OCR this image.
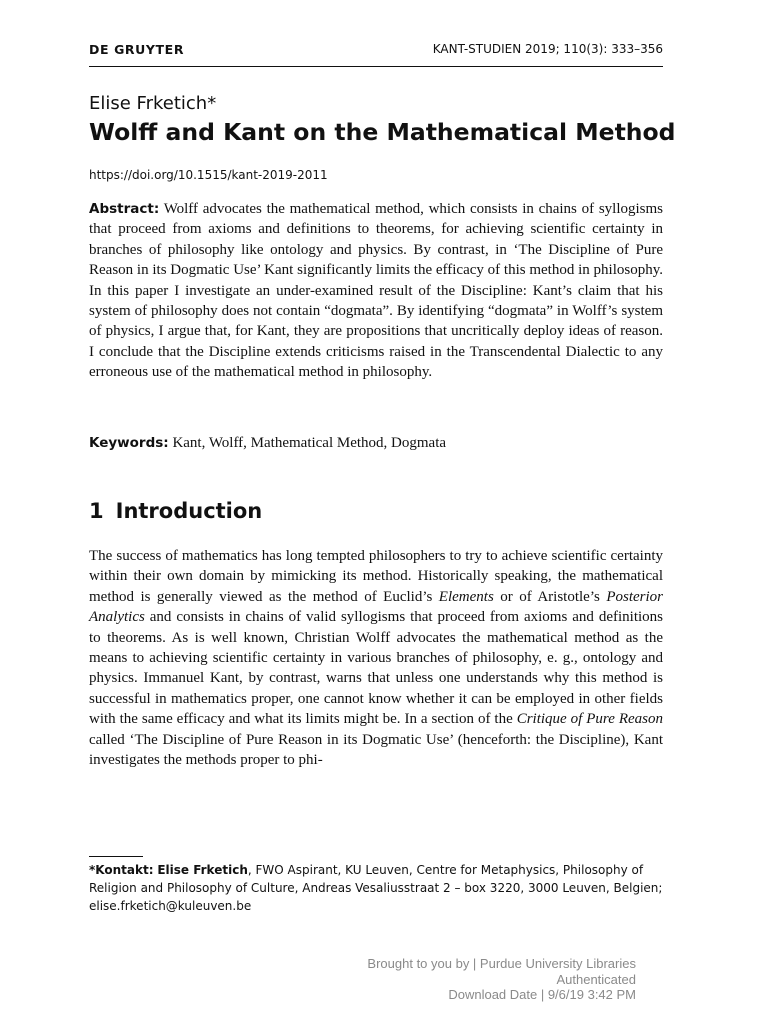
DE GRUYTER	KANT-STUDIEN 2019; 110(3): 333–356
Elise Frketich*
Wolff and Kant on the Mathematical Method
https://doi.org/10.1515/kant-2019-2011

Abstract: Wolff advocates the mathematical method, which consists in chains of syllogisms that proceed from axioms and definitions to theorems, for achieving scientific certainty in branches of philosophy like ontology and physics. By contrast, in ‘The Discipline of Pure Reason in its Dogmatic Use’ Kant significantly limits the efficacy of this method in philosophy. In this paper I investigate an under-examined result of the Discipline: Kant’s claim that his system of philosophy does not contain “dogmata”. By identifying “dogmata” in Wolff’s system of physics, I argue that, for Kant, they are propositions that uncritically deploy ideas of reason. I conclude that the Discipline extends criticisms raised in the Transcendental Dialectic to any erroneous use of the mathematical method in philosophy.

Keywords: Kant, Wolff, Mathematical Method, Dogmata

1 Introduction

The success of mathematics has long tempted philosophers to try to achieve scientific certainty within their own domain by mimicking its method. Historically speaking, the mathematical method is generally viewed as the method of Euclid’s Elements or of Aristotle’s Posterior Analytics and consists in chains of valid syllogisms that proceed from axioms and definitions to theorems. As is well known, Christian Wolff advocates the mathematical method as the means to achieving scientific certainty in various branches of philosophy, e. g., ontology and physics. Immanuel Kant, by contrast, warns that unless one understands why this method is successful in mathematics proper, one cannot know whether it can be employed in other fields with the same efficacy and what its limits might be. In a section of the Critique of Pure Reason called ‘The Discipline of Pure Reason in its Dogmatic Use’ (henceforth: the Discipline), Kant investigates the methods proper to phi-

*Kontakt: Elise Frketich, FWO Aspirant, KU Leuven, Centre for Metaphysics, Philosophy of Religion and Philosophy of Culture, Andreas Vesaliusstraat 2 – box 3220, 3000 Leuven, Belgien; elise.frketich@kuleuven.be

Brought to you by | Purdue University Libraries
Authenticated
Download Date | 9/6/19 3:42 PM
